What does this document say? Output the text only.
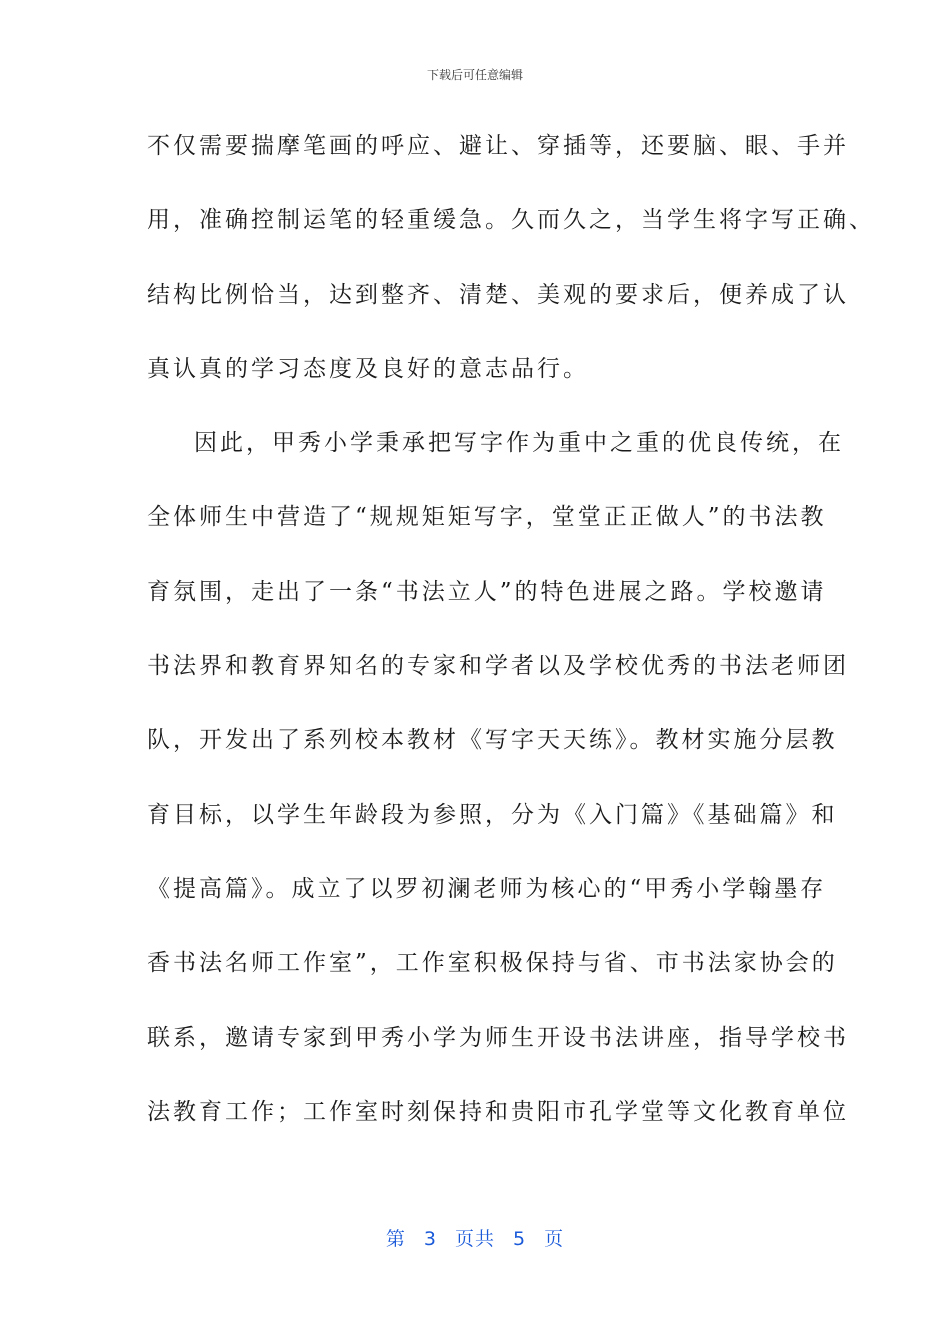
下载后可任意编辑
不仅需要揣摩笔画的呼应、避让、穿插等，还要脑、眼、手并
用，准确控制运笔的轻重缓急。久而久之，当学生将字写正确、
结构比例恰当，达到整齐、清楚、美观的要求后，便养成了认
真认真的学习态度及良好的意志品行。
因此，甲秀小学秉承把写字作为重中之重的优良传统，在
全体师生中营造了“规规矩矩写字，堂堂正正做人”的书法教
育氛围，走出了一条“书法立人”的特色进展之路。学校邀请
书法界和教育界知名的专家和学者以及学校优秀的书法老师团
队，开发出了系列校本教材《写字天天练》。教材实施分层教
育目标，以学生年龄段为参照，分为《入门篇》《基础篇》和
《提高篇》。成立了以罗初澜老师为核心的“甲秀小学翰墨存
香书法名师工作室”，工作室积极保持与省、市书法家协会的
联系，邀请专家到甲秀小学为师生开设书法讲座，指导学校书
法教育工作；工作室时刻保持和贵阳市孔学堂等文化教育单位
第 3 页共 5 页
